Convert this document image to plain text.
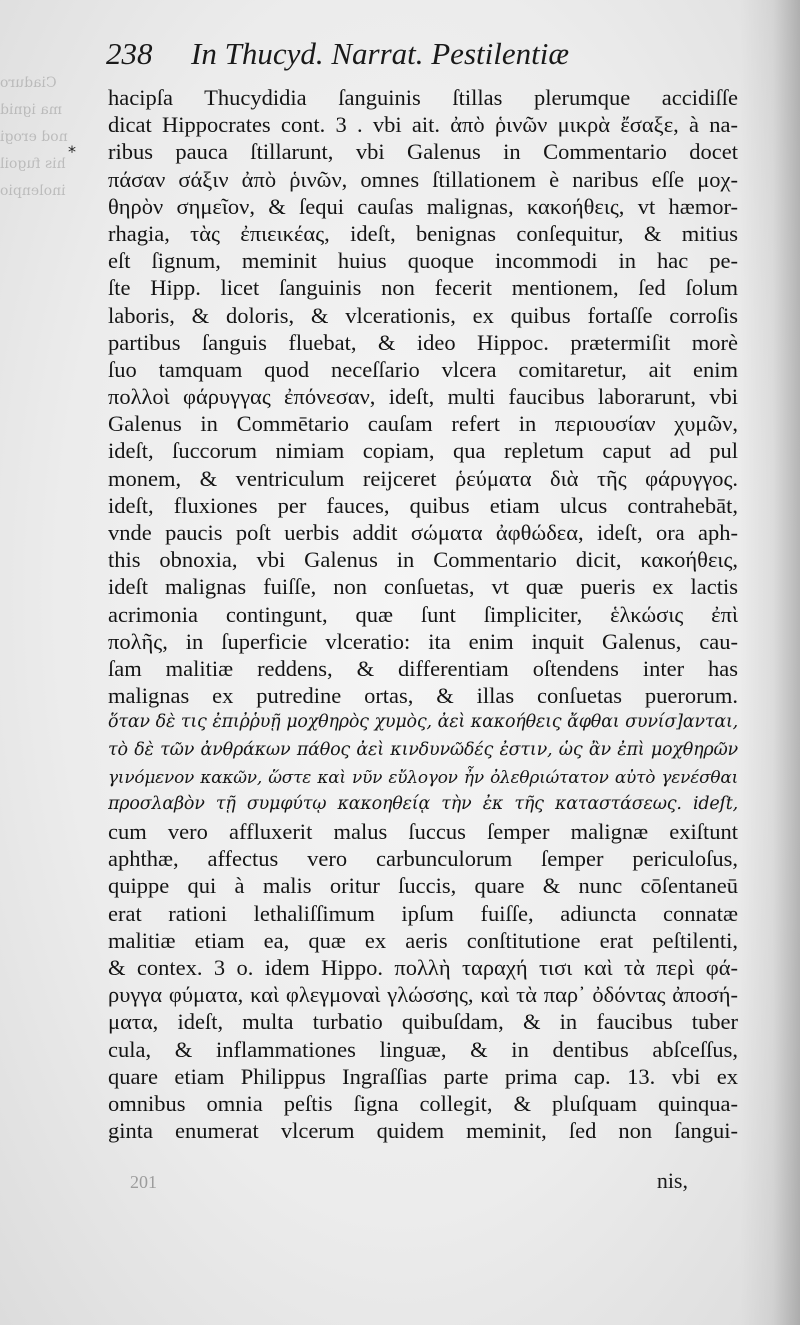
Ciaduro
ma ignid
nod erogi
his fugoil
inolenpio
*
238 In Thucyd. Narrat. Pestilentiæ
hacipſa Thucydidia ſanguinis ſtillas plerumque accidiſſe
dicat Hippocrates cont. 3 . vbi ait. ἀπὸ ῥινῶν μικρὰ ἔσαξε, à na-
ribus pauca ſtillarunt, vbi Galenus in Commentario docet
πάσαν σάξιν ἀπὸ ῥινῶν, omnes ſtillationem è naribus eſſe μοχ-
θηρὸν σημεῖον, & ſequi cauſas malignas, κακοήθεις, vt hæmor-
rhagia, τὰς ἐπιεικέας, ideſt, benignas conſequitur, & mitius
eſt ſignum, meminit huius quoque incommodi in hac pe-
ſte Hipp. licet ſanguinis non fecerit mentionem, ſed ſolum
laboris, & doloris, & vlcerationis, ex quibus fortaſſe corroſis
partibus ſanguis fluebat, & ideo Hippoc. prætermiſit morè
ſuo tamquam quod neceſſario vlcera comitaretur, ait enim
πολλοὶ φάρυγγας ἐπόνεσαν, ideſt, multi faucibus laborarunt, vbi
Galenus in Commētario cauſam refert in περιουσίαν χυμῶν,
ideſt, ſuccorum nimiam copiam, qua repletum caput ad pul
monem, & ventriculum reijceret ῥεύματα διὰ τῆς φάρυγγος.
ideſt, fluxiones per fauces, quibus etiam ulcus contrahebāt,
vnde paucis poſt uerbis addit σώματα ἀφθώδεα, ideſt, ora aph-
this obnoxia, vbi Galenus in Commentario dicit, κακοήθεις,
ideſt malignas fuiſſe, non conſuetas, vt quæ pueris ex lactis
acrimonia contingunt, quæ ſunt ſimpliciter, ἑλκώσις ἐπὶ
πολῆς, in ſuperficie vlceratio: ita enim inquit Galenus, cau-
ſam malitiæ reddens, & differentiam oſtendens inter has
malignas ex putredine ortas, & illas conſuetas puerorum.
ὅταν δὲ τις ἐπιῤῥυῇ μοχθηρὸς χυμὸς, ἀεὶ κακοήθεις ἄφθαι συνίσ]ανται,
τὸ δὲ τῶν ἀνθράκων πάθος ἀεὶ κινδυνῶδές ἐστιν, ὡς ἂν ἐπὶ μοχθηρῶν
γινόμενον κακῶν, ὥστε καὶ νῦν εὔλογον ἦν ὀλεθριώτατον αὐτὸ γενέσθαι
προσλαβὸν τῇ συμφύτῳ κακοηθείᾳ τὴν ἐκ τῆς καταστάσεως. ideſt,
cum vero affluxerit malus ſuccus ſemper malignæ exiſtunt
aphthæ, affectus vero carbunculorum ſemper periculoſus,
quippe qui à malis oritur ſuccis, quare & nunc cōſentaneū
erat rationi lethaliſſimum ipſum fuiſſe, adiuncta connatæ
malitiæ etiam ea, quæ ex aeris conſtitutione erat peſtilenti,
& contex. 3 o. idem Hippo. πολλὴ ταραχή τισι καὶ τὰ περὶ φά-
ρυγγα φύματα, καὶ φλεγμοναὶ γλώσσης, καὶ τὰ παρ᾽ ὀδόντας ἀποσή-
ματα, ideſt, multa turbatio quibuſdam, & in faucibus tuber
cula, & inflammationes linguæ, & in dentibus abſceſſus,
quare etiam Philippus Ingraſſias parte prima cap. 13. vbi ex
omnibus omnia peſtis ſigna collegit, & pluſquam quinqua-
ginta enumerat vlcerum quidem meminit, ſed non ſangui-
201	nis,
